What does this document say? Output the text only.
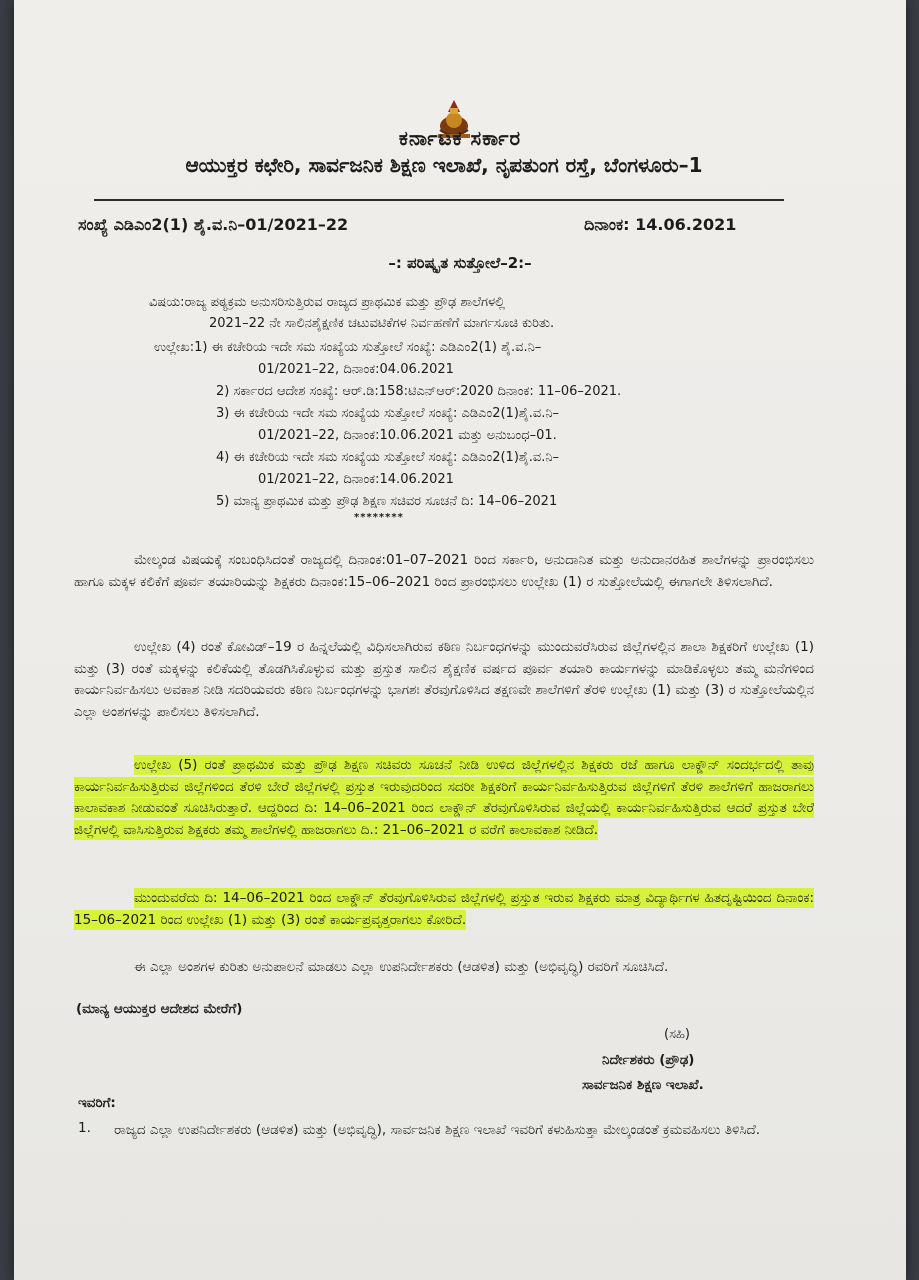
ಕರ್ನಾಟಕ ಸರ್ಕಾರ
ಆಯುಕ್ತರ ಕಛೇರಿ, ಸಾರ್ವಜನಿಕ ಶಿಕ್ಷಣ ಇಲಾಖೆ, ನೃಪತುಂಗ ರಸ್ತೆ, ಬೆಂಗಳೂರು–1
ಸಂಖ್ಯೆ ಎಡಿಎಂ2(1) ಶೈ.ವ.ನಿ–01/2021–22	ದಿನಾಂಕ: 14.06.2021
–: ಪರಿಷ್ಕೃತ ಸುತ್ತೋಲೆ–2:–
ವಿಷಯ:ರಾಜ್ಯ ಪಠ್ಯಕ್ರಮ ಅನುಸರಿಸುತ್ತಿರುವ ರಾಜ್ಯದ ಪ್ರಾಥಮಿಕ ಮತ್ತು ಪ್ರೌಢ ಶಾಲೆಗಳಲ್ಲಿ
2021–22 ನೇ ಸಾಲಿನಶೈಕ್ಷಣಿಕ ಚಟುವಟಿಕೆಗಳ ನಿರ್ವಹಣೆಗೆ ಮಾರ್ಗಸೂಚಿ ಕುರಿತು.
ಉಲ್ಲೇಖ:1) ಈ ಕಚೇರಿಯ ಇದೇ ಸಮ ಸಂಖ್ಯೆಯ ಸುತ್ತೋಲೆ ಸಂಖ್ಯೆ: ಎಡಿಎಂ2(1) ಶೈ.ವ.ನಿ–
01/2021–22, ದಿನಾಂಕ:04.06.2021
2) ಸರ್ಕಾರದ ಆದೇಶ ಸಂಖ್ಯೆ: ಆರ್.ಡಿ:158:ಟಿಎನ್ಆರ್:2020 ದಿನಾಂಕ: 11–06–2021.
3) ಈ ಕಚೇರಿಯ ಇದೇ ಸಮ ಸಂಖ್ಯೆಯ ಸುತ್ತೋಲೆ ಸಂಖ್ಯೆ: ಎಡಿಎಂ2(1)ಶೈ.ವ.ನಿ–
01/2021–22, ದಿನಾಂಕ:10.06.2021 ಮತ್ತು ಅನುಬಂಧ–01.
4) ಈ ಕಚೇರಿಯ ಇದೇ ಸಮ ಸಂಖ್ಯೆಯ ಸುತ್ತೋಲೆ ಸಂಖ್ಯೆ: ಎಡಿಎಂ2(1)ಶೈ.ವ.ನಿ–
01/2021–22, ದಿನಾಂಕ:14.06.2021
5) ಮಾನ್ಯ ಪ್ರಾಥಮಿಕ ಮತ್ತು ಪ್ರೌಢ ಶಿಕ್ಷಣ ಸಚಿವರ ಸೂಚನೆ ದಿ: 14–06–2021
********
ಮೇಲ್ಕಂಡ ವಿಷಯಕ್ಕೆ ಸಂಬಂಧಿಸಿದಂತೆ ರಾಜ್ಯದಲ್ಲಿ ದಿನಾಂಕ:01–07–2021 ರಿಂದ ಸರ್ಕಾರಿ, ಅನುದಾನಿತ ಮತ್ತು ಅನುದಾನರಹಿತ ಶಾಲೆಗಳನ್ನು ಪ್ರಾರಂಭಿಸಲು ಹಾಗೂ ಮಕ್ಕಳ ಕಲಿಕೆಗೆ ಪೂರ್ವ ತಯಾರಿಯನ್ನು ಶಿಕ್ಷಕರು ದಿನಾಂಕ:15–06–2021 ರಿಂದ ಪ್ರಾರಂಭಿಸಲು ಉಲ್ಲೇಖ (1) ರ ಸುತ್ತೋಲೆಯಲ್ಲಿ ಈಗಾಗಲೇ ತಿಳಿಸಲಾಗಿದೆ.
ಉಲ್ಲೇಖ (4) ರಂತೆ ಕೋವಿಡ್–19 ರ ಹಿನ್ನಲೆಯಲ್ಲಿ ವಿಧಿಸಲಾಗಿರುವ ಕಠಿಣ ನಿರ್ಬಂಧಗಳನ್ನು ಮುಂದುವರೆಸಿರುವ ಜಿಲ್ಲೆಗಳಲ್ಲಿನ ಶಾಲಾ ಶಿಕ್ಷಕರಿಗೆ ಉಲ್ಲೇಖ (1) ಮತ್ತು (3) ರಂತೆ ಮಕ್ಕಳನ್ನು ಕಲಿಕೆಯಲ್ಲಿ ತೊಡಗಿಸಿಕೊಳ್ಳುವ ಮತ್ತು ಪ್ರಸ್ತುತ ಸಾಲಿನ ಶೈಕ್ಷಣಿಕ ವರ್ಷದ ಪೂರ್ವ ತಯಾರಿ ಕಾರ್ಯಗಳನ್ನು ಮಾಡಿಕೊಳ್ಳಲು ತಮ್ಮ ಮನೆಗಳಿಂದ ಕಾರ್ಯನಿರ್ವಹಿಸಲು ಅವಕಾಶ ನೀಡಿ ಸದರಿಯವರು ಕಠಿಣ ನಿರ್ಬಂಧಗಳನ್ನು ಭಾಗಶಃ ತೆರವುಗೊಳಿಸಿದ ತಕ್ಷಣವೇ ಶಾಲೆಗಳಿಗೆ ತೆರಳಿ ಉಲ್ಲೇಖ (1) ಮತ್ತು (3) ರ ಸುತ್ತೋಲೆಯಲ್ಲಿನ ಎಲ್ಲಾ ಅಂಶಗಳನ್ನು ಪಾಲಿಸಲು ತಿಳಿಸಲಾಗಿದೆ.
ಉಲ್ಲೇಖ (5) ರಂತೆ ಪ್ರಾಥಮಿಕ ಮತ್ತು ಪ್ರೌಢ ಶಿಕ್ಷಣ ಸಚಿವರು ಸೂಚನೆ ನೀಡಿ ಉಳಿದ ಜಿಲ್ಲೆಗಳಲ್ಲಿನ ಶಿಕ್ಷಕರು ರಜೆ ಹಾಗೂ ಲಾಕ್ಡೌನ್ ಸಂದರ್ಭದಲ್ಲಿ ತಾವು ಕಾರ್ಯನಿರ್ವಹಿಸುತ್ತಿರುವ ಜಿಲ್ಲೆಗಳಿಂದ ತೆರಳಿ ಬೇರೆ ಜಿಲ್ಲೆಗಳಲ್ಲಿ ಪ್ರಸ್ತುತ ಇರುವುದರಿಂದ ಸದರೀ ಶಿಕ್ಷಕರಿಗೆ ಕಾರ್ಯನಿರ್ವಹಿಸುತ್ತಿರುವ ಜಿಲ್ಲೆಗಳಿಗೆ ತೆರಳಿ ಶಾಲೆಗಳಿಗೆ ಹಾಜರಾಗಲು ಕಾಲಾವಕಾಶ ನೀಡುವಂತೆ ಸೂಚಿಸಿರುತ್ತಾರೆ. ಆದ್ದರಿಂದ ದಿ: 14–06–2021 ರಿಂದ ಲಾಕ್ಡೌನ್ ತೆರವುಗೊಳಿಸಿರುವ ಜಿಲ್ಲೆಯಲ್ಲಿ ಕಾರ್ಯನಿರ್ವಹಿಸುತ್ತಿರುವ ಆದರೆ ಪ್ರಸ್ತುತ ಬೇರೆ ಜಿಲ್ಲೆಗಳಲ್ಲಿ ವಾಸಿಸುತ್ತಿರುವ ಶಿಕ್ಷಕರು ತಮ್ಮ ಶಾಲೆಗಳಲ್ಲಿ ಹಾಜರಾಗಲು ದಿ.: 21–06–2021 ರ ವರೆಗೆ ಕಾಲಾವಕಾಶ ನೀಡಿದೆ.
ಮುಂದುವರೆದು ದಿ: 14–06–2021 ರಿಂದ ಲಾಕ್ಡೌನ್ ತೆರವುಗೊಳಿಸಿರುವ ಜಿಲ್ಲೆಗಳಲ್ಲಿ ಪ್ರಸ್ತುತ ಇರುವ ಶಿಕ್ಷಕರು ಮಾತ್ರ ವಿದ್ಯಾರ್ಥಿಗಳ ಹಿತದೃಷ್ಟಿಯಿಂದ ದಿನಾಂಕ: 15–06–2021 ರಿಂದ ಉಲ್ಲೇಖ (1) ಮತ್ತು (3) ರಂತೆ ಕಾರ್ಯಪ್ರವೃತ್ತರಾಗಲು ಕೋರಿದೆ.
ಈ ಎಲ್ಲಾ ಅಂಶಗಳ ಕುರಿತು ಅನುಪಾಲನೆ ಮಾಡಲು ಎಲ್ಲಾ ಉಪನಿರ್ದೇಶಕರು (ಆಡಳಿತ) ಮತ್ತು (ಅಭಿವೃದ್ಧಿ) ರವರಿಗೆ ಸೂಚಿಸಿದೆ.
(ಮಾನ್ಯ ಆಯುಕ್ತರ ಆದೇಶದ ಮೇರೆಗೆ)
(ಸಹಿ)
ನಿರ್ದೇಶಕರು (ಪ್ರೌಢ)
ಸಾರ್ವಜನಿಕ ಶಿಕ್ಷಣ ಇಲಾಖೆ.
ಇವರಿಗೆ:
1. ರಾಜ್ಯದ ಎಲ್ಲಾ ಉಪನಿರ್ದೇಶಕರು (ಆಡಳಿತ) ಮತ್ತು (ಅಭಿವೃದ್ಧಿ), ಸಾರ್ವಜನಿಕ ಶಿಕ್ಷಣ ಇಲಾಖೆ ಇವರಿಗೆ ಕಳುಹಿಸುತ್ತಾ ಮೇಲ್ಕಂಡಂತೆ ಕ್ರಮವಹಿಸಲು ತಿಳಿಸಿದೆ.
